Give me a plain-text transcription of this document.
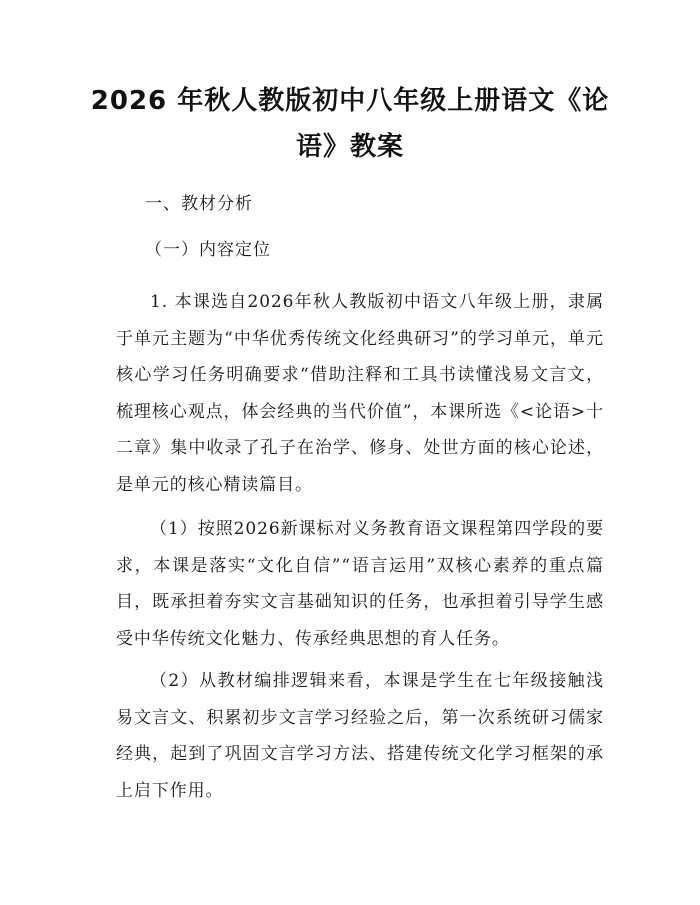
2026 年秋人教版初中八年级上册语文《论
语》教案

一、教材分析

（一）内容定位

1. 本课选自2026年秋人教版初中语文八年级上册，隶属于单元主题为“中华优秀传统文化经典研习”的学习单元，单元核心学习任务明确要求“借助注释和工具书读懂浅易文言文，梳理核心观点，体会经典的当代价值”，本课所选《<论语>十二章》集中收录了孔子在治学、修身、处世方面的核心论述，是单元的核心精读篇目。

（1）按照2026新课标对义务教育语文课程第四学段的要求，本课是落实“文化自信”“语言运用”双核心素养的重点篇目，既承担着夯实文言基础知识的任务，也承担着引导学生感受中华传统文化魅力、传承经典思想的育人任务。

（2）从教材编排逻辑来看，本课是学生在七年级接触浅易文言文、积累初步文言学习经验之后，第一次系统研习儒家经典，起到了巩固文言学习方法、搭建传统文化学习框架的承上启下作用。
